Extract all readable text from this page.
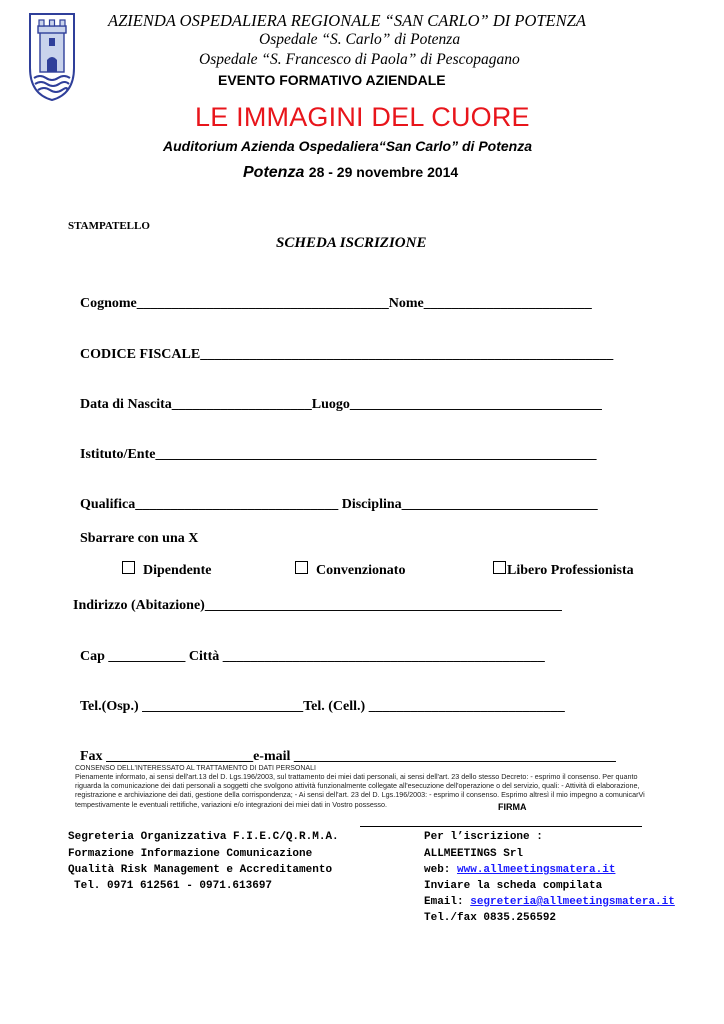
AZIENDA OSPEDALIERA REGIONALE “SAN CARLO” DI POTENZA
Ospedale “S. Carlo” di Potenza
Ospedale “S. Francesco di Paola” di Pescopagano
EVENTO FORMATIVO AZIENDALE
LE IMMAGINI DEL CUORE
Auditorium Azienda Ospedaliera“San Carlo” di Potenza
Potenza 28 - 29 novembre 2014
STAMPATELLO
SCHEDA ISCRIZIONE
Cognome____________________________________Nome________________________
CODICE FISCALE___________________________________________________________
Data di Nascita____________________Luogo____________________________________
Istituto/Ente_______________________________________________________________
Qualifica_____________________________ Disciplina____________________________
Sbarrare con una X
Dipendente	Convenzionato	Libero Professionista
Indirizzo (Abitazione)___________________________________________________
Cap ___________ Città ______________________________________________
Tel.(Osp.) _______________________Tel. (Cell.) ____________________________
Fax _____________________e-mail ______________________________________________
CONSENSO DELL'INTERESSATO AL TRATTAMENTO DI DATI PERSONALI
Pienamente informato, ai sensi dell'art.13 del D. Lgs.196/2003, sul trattamento dei miei dati personali, ai sensi dell'art. 23 dello stesso Decreto: - esprimo il consenso. Per quanto riguarda la comunicazione dei dati personali a soggetti che svolgono attività funzionalmente collegate all'esecuzione dell'operazione o del servizio, quali: - Attività di elaborazione, registrazione e archiviazione dei dati, gestione della corrispondenza; - Ai sensi dell'art. 23 del D. Lgs.196/2003: - esprimo il consenso. Esprimo altresì il mio impegno a comunicarVi tempestivamente le eventuali rettifiche, variazioni e/o integrazioni dei miei dati in Vostro possesso.	FIRMA
Segreteria Organizzativa F.I.E.C/Q.R.M.A.
Formazione Informazione Comunicazione
Qualità Risk Management e Accreditamento
Tel. 0971 612561 - 0971.613697
Per l’iscrizione :
ALLMEETINGS Srl
web: www.allmeetingsmatera.it
Inviare la scheda compilata
Email: segreteria@allmeetingsmatera.it
Tel./fax 0835.256592
